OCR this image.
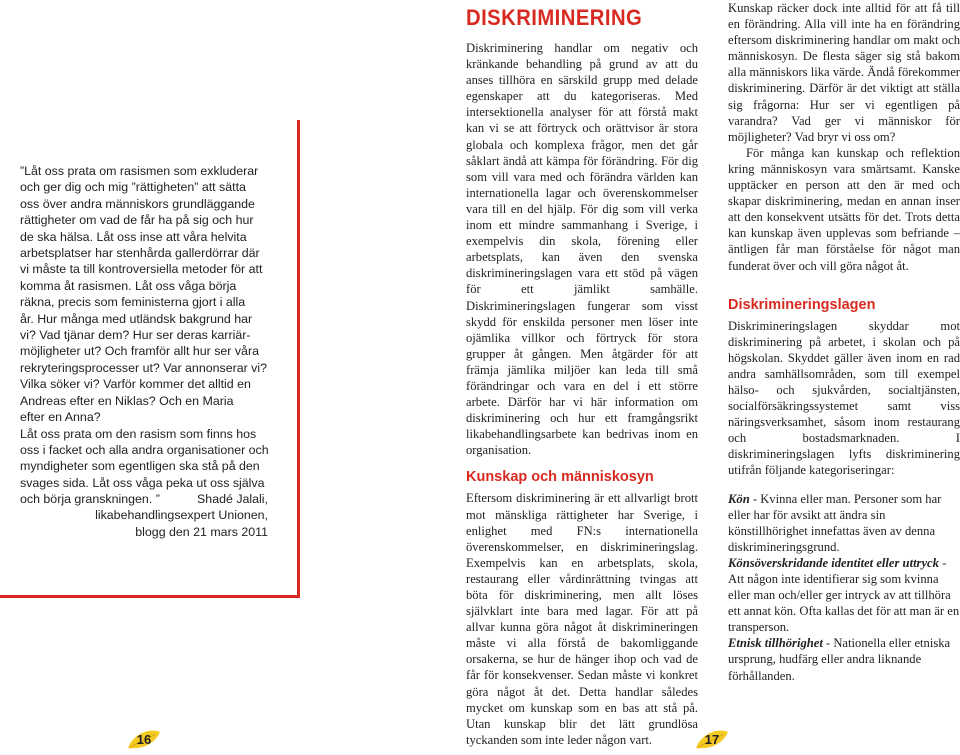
”Låt oss prata om rasismen som exkluderar
och ger dig och mig ”rättigheten” att sätta
oss över andra människors grundläggande
rättigheter om vad de får ha på sig och hur
de ska hälsa. Låt oss inse att våra helvita
arbetsplatser har stenhårda gallerdörrar där
vi måste ta till kontroversiella metoder för att
komma åt rasismen. Låt oss våga börja
räkna, precis som feministerna gjort i alla
år. Hur många med utländsk bakgrund har
vi? Vad tjänar dem? Hur ser deras karriär-
möjligheter ut? Och framför allt hur ser våra
rekryteringsprocesser ut? Var annonserar vi?
Vilka söker vi? Varför kommer det alltid en
Andreas efter en Niklas? Och en Maria
efter en Anna?
Låt oss prata om den rasism som finns hos
oss i facket och alla andra organisationer och
myndigheter som egentligen ska stå på den
svages sida. Låt oss våga peka ut oss själva
och börja granskningen. ”	Shadé Jalali,
likabehandlingsexpert Unionen,
blogg den 21 mars 2011

16
DISKRIMINERING

Diskriminering handlar om negativ och kränkande behandling på grund av att du anses tillhöra en särskild grupp med delade egenskaper att du kategoriseras. Med intersektionella analyser för att förstå makt kan vi se att förtryck och orättvisor är stora globala och komplexa frågor, men det går såklart ändå att kämpa för förändring. För dig som vill vara med och förändra världen kan internationella lagar och överenskommelser vara till en del hjälp. För dig som vill verka inom ett mindre sammanhang i Sverige, i exempelvis din skola, förening eller arbetsplats, kan även den svenska diskrimineringslagen vara ett stöd på vägen för ett jämlikt samhälle. Diskrimineringslagen fungerar som visst skydd för enskilda personer men löser inte ojämlika villkor och förtryck för stora grupper åt gången. Men åtgärder för att främja jämlika miljöer kan leda till små förändringar och vara en del i ett större arbete. Därför har vi här information om diskriminering och hur ett framgångsrikt likabehandlingsarbete kan bedrivas inom en organisation.

Kunskap och människosyn

Eftersom diskriminering är ett allvarligt brott mot mänskliga rättigheter har Sverige, i enlighet med FN:s internationella överenskommelser, en diskrimineringslag. Exempelvis kan en arbetsplats, skola, restaurang eller vårdinrättning tvingas att böta för diskriminering, men allt löses självklart inte bara med lagar. För att på allvar kunna göra något åt diskrimineringen måste vi alla förstå de bakomliggande orsakerna, se hur de hänger ihop och vad de får för konsekvenser. Sedan måste vi konkret göra något åt det. Detta handlar således mycket om kunskap som en bas att stå på. Utan kunskap blir det lätt grundlösa tyckanden som inte leder någon vart.

Kunskap räcker dock inte alltid för att få till en förändring. Alla vill inte ha en förändring eftersom diskriminering handlar om makt och människosyn. De flesta säger sig stå bakom alla människors lika värde. Ändå förekommer diskriminering. Därför är det viktigt att ställa sig frågorna: Hur ser vi egentligen på varandra? Vad ger vi människor för möjligheter? Vad bryr vi oss om?

För många kan kunskap och reflektion kring människosyn vara smärtsamt. Kanske upptäcker en person att den är med och skapar diskriminering, medan en annan inser att den konsekvent utsätts för det. Trots detta kan kunskap även upplevas som befriande – äntligen får man förståelse för något man funderat över och vill göra något åt.

Diskrimineringslagen

Diskrimineringslagen skyddar mot diskriminering på arbetet, i skolan och på högskolan. Skyddet gäller även inom en rad andra samhällsområden, som till exempel hälso- och sjukvården, socialtjänsten, socialförsäkringssystemet samt viss näringsverksamhet, såsom inom restaurang och bostadsmarknaden. I diskrimineringslagen lyfts diskriminering utifrån följande kategoriseringar:

Kön - Kvinna eller man. Personer som har eller har för avsikt att ändra sin könstillhörighet innefattas även av denna diskrimineringsgrund.

Könsöverskridande identitet eller uttryck - Att någon inte identifierar sig som kvinna eller man och/eller ger intryck av att tillhöra ett annat kön. Ofta kallas det för att man är en transperson.

Etnisk tillhörighet - Nationella eller etniska ursprung, hudfärg eller andra liknande förhållanden.

17
